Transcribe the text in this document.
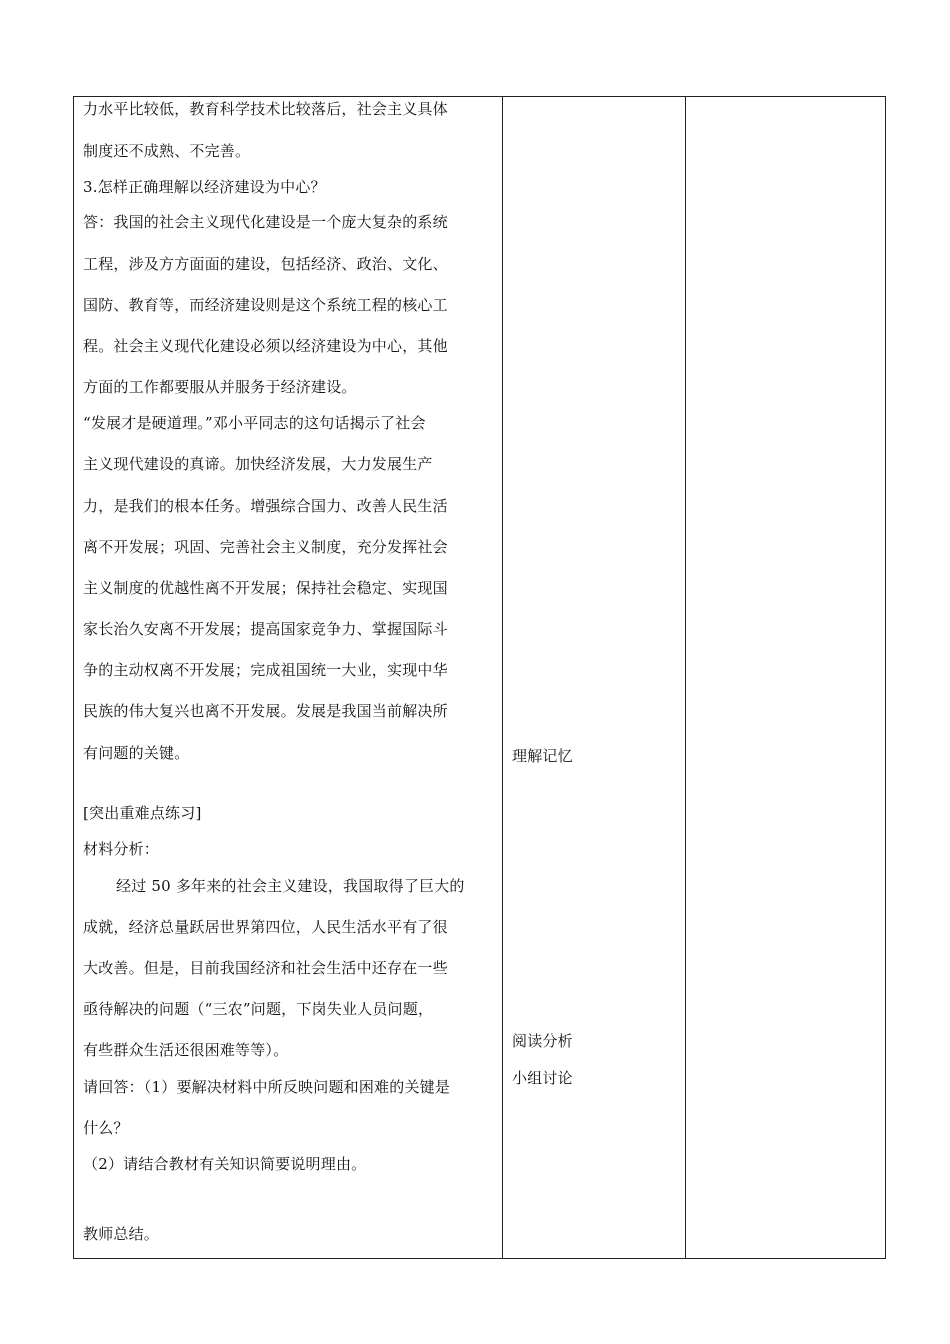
力水平比较低，教育科学技术比较落后，社会主义具体
制度还不成熟、不完善。
3.怎样正确理解以经济建设为中心？
答：我国的社会主义现代化建设是一个庞大复杂的系统
工程，涉及方方面面的建设，包括经济、政治、文化、
国防、教育等，而经济建设则是这个系统工程的核心工
程。社会主义现代化建设必须以经济建设为中心，其他
方面的工作都要服从并服务于经济建设。
“发展才是硬道理。”邓小平同志的这句话揭示了社会
主义现代建设的真谛。加快经济发展，大力发展生产
力，是我们的根本任务。增强综合国力、改善人民生活
离不开发展；巩固、完善社会主义制度，充分发挥社会
主义制度的优越性离不开发展；保持社会稳定、实现国
家长治久安离不开发展；提高国家竞争力、掌握国际斗
争的主动权离不开发展；完成祖国统一大业，实现中华
民族的伟大复兴也离不开发展。发展是我国当前解决所
有问题的关键。
[突出重难点练习]
材料分析：
经过 50 多年来的社会主义建设，我国取得了巨大的
成就，经济总量跃居世界第四位，人民生活水平有了很
大改善。但是，目前我国经济和社会生活中还存在一些
亟待解决的问题（“三农”问题，下岗失业人员问题，
有些群众生活还很困难等等）。
请回答：（1）要解决材料中所反映问题和困难的关键是
什么？
（2）请结合教材有关知识简要说明理由。
教师总结。
理解记忆
阅读分析
小组讨论
